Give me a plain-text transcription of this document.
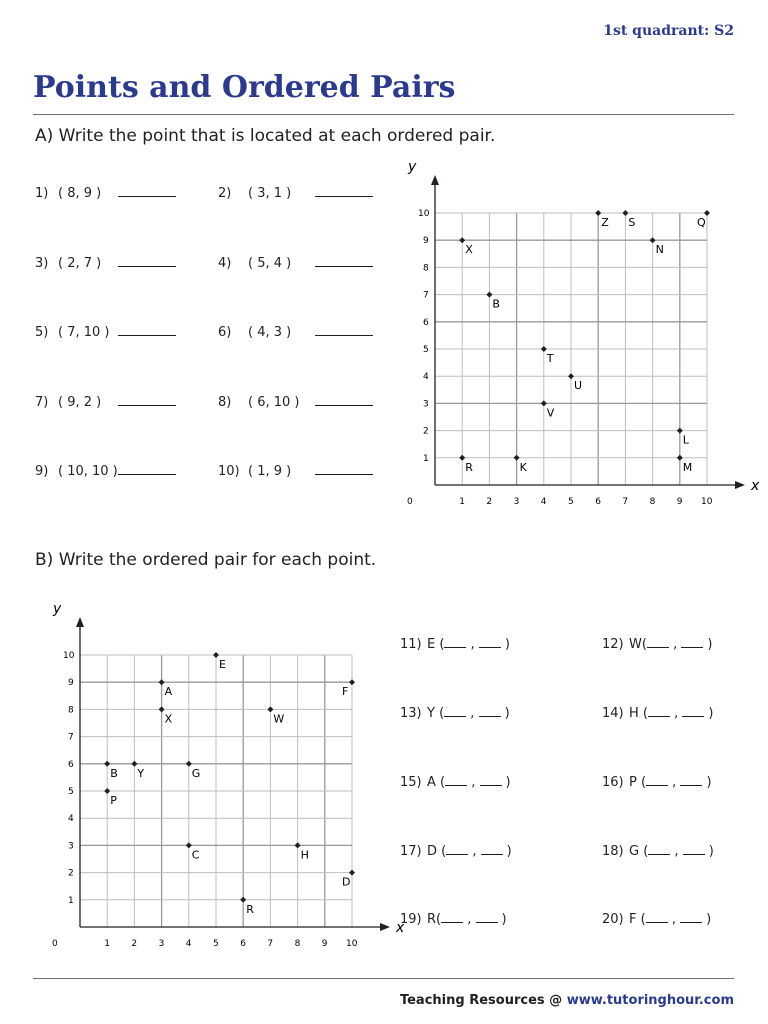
1st quadrant: S2
Points and Ordered Pairs
A) Write the point that is located at each ordered pair.
1) ( 8, 9 )	2) ( 3, 1 )
3) ( 2, 7 )	4) ( 5, 4 )
5) ( 7, 10 )	6) ( 4, 3 )
7) ( 9, 2 )	8) ( 6, 10 )
9) ( 10, 10 )	10) ( 1, 9 )
x
y
0	1 2 3 4 5 6 7 8 9 10
1
2
3
4
5
6
7
8
9
10
Z S	Q
X	N
B
T
U
V
L
R	K	M
B) Write the ordered pair for each point.
x
y
0	1 2 3 4 5 6 7 8 9 10
1
2
3
4
5
6
7
8
9
10
E
A	F
X	W
B Y	G
P
C	H
D
R
11) E ( , )	12) W( , )
13) Y ( , )	14) H ( , )
15) A ( , )	16) P ( , )
17) D ( , )	18) G ( , )
19) R( , )	20) F ( , )
Teaching Resources @ www.tutoringhour.com
